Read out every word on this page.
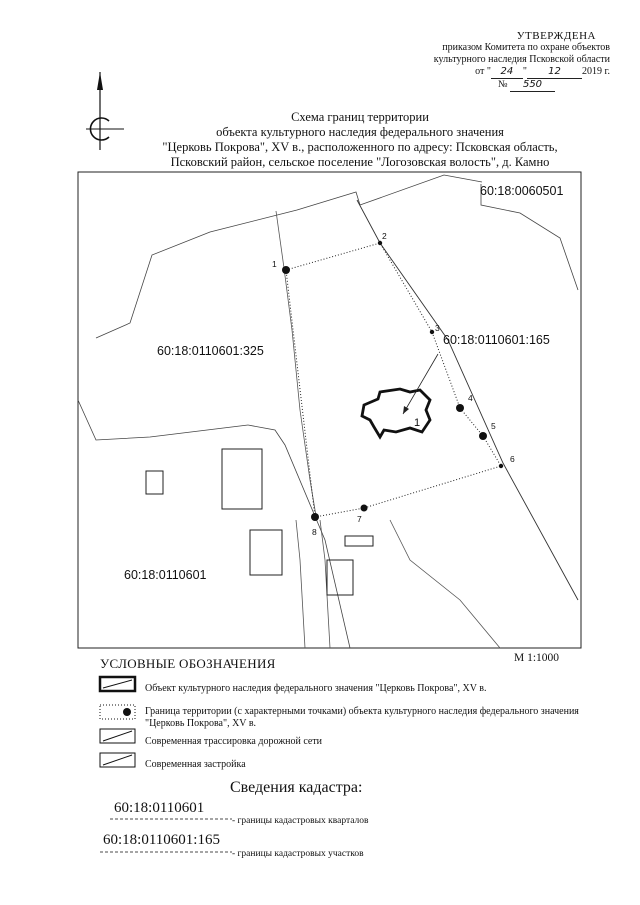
УТВЕРЖДЕНА
приказом Комитета по охране объектов
культурного наследия Псковской области
от " 24 " 12 2019 г.
№ 550
Схема границ территории
объекта культурного наследия федерального значения
"Церковь Покрова", XV в., расположенного по адресу: Псковская область,
Псковский район, сельское поселение "Логозовская волость", д. Камно
60:18:0060501
60:18:0110601:165
60:18:0110601:325
60:18:0110601
1
1
2
3
4
5
6
7
8
М 1:1000
УСЛОВНЫЕ ОБОЗНАЧЕНИЯ
Объект культурного наследия федерального значения "Церковь Покрова", XV в.
Граница территории (с характерными точками) объекта культурного наследия федерального значения "Церковь Покрова", XV в.
Современная трассировка дорожной сети
Современная застройка
Сведения кадастра:
60:18:0110601
- границы кадастровых кварталов
60:18:0110601:165
- границы кадастровых участков
